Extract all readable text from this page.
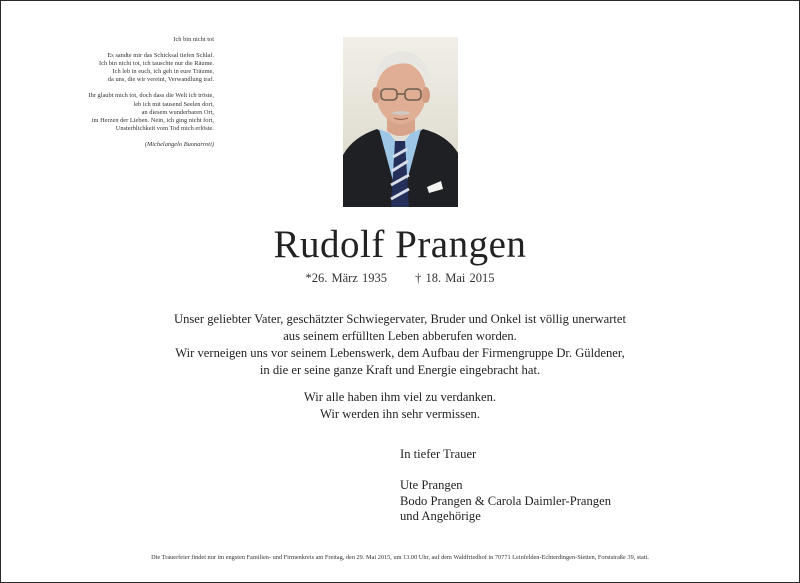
Ich bin nicht tot
Es sandte mir das Schicksal tiefen Schlaf.
Ich bin nicht tot, ich tauschte nur die Räume.
Ich leb in euch, ich geh in eure Träume,
da uns, die wir vereint, Verwandlung traf.
Ihr glaubt mich tot, doch dass die Welt ich tröste,
leb ich mit tausend Seelen dort,
an diesem wunderbaren Ort,
im Herzen der Lieben. Nein, ich ging nicht fort,
Unsterblichkeit vom Tod mich erlöste.
(Michelangelo Buonarroti)
Rudolf Prangen
*26. März 1935 † 18. Mai 2015
Unser geliebter Vater, geschätzter Schwiegervater, Bruder und Onkel ist völlig unerwartet
aus seinem erfüllten Leben abberufen worden.
Wir verneigen uns vor seinem Lebenswerk, dem Aufbau der Firmengruppe Dr. Güldener,
in die er seine ganze Kraft und Energie eingebracht hat.
Wir alle haben ihm viel zu verdanken.
Wir werden ihn sehr vermissen.
In tiefer Trauer
Ute Prangen
Bodo Prangen & Carola Daimler-Prangen
und Angehörige
Die Trauerfeier findet nur im engsten Familien- und Firmenkreis am Freitag, den 29. Mai 2015, um 13.00 Uhr, auf dem Waldfriedhof in 70771 Leinfelden-Echterdingen-Stetten, Forststraße 39, statt.
